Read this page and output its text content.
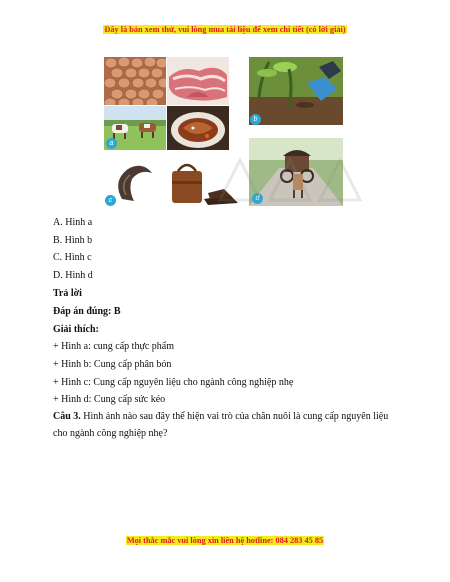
Đây là bản xem thử, vui lòng mua tài liệu để xem chi tiết (có lời giải)
a
b
c	d
A. Hình a
B. Hình b
C. Hình c
D. Hình d
Trả lời
Đáp án đúng: B
Giải thích:
+ Hình a: cung cấp thực phẩm
+ Hình b: Cung cấp phân bón
+ Hình c: Cung cấp nguyên liệu cho ngành công nghiệp nhẹ
+ Hình d: Cung cấp sức kéo
Câu 3. Hình ảnh nào sau đây thể hiện vai trò của chăn nuôi là cung cấp nguyên liệu cho ngành công nghiệp nhẹ?
Mọi thắc mắc vui lòng xin liên hệ hotline: 084 283 45 85
